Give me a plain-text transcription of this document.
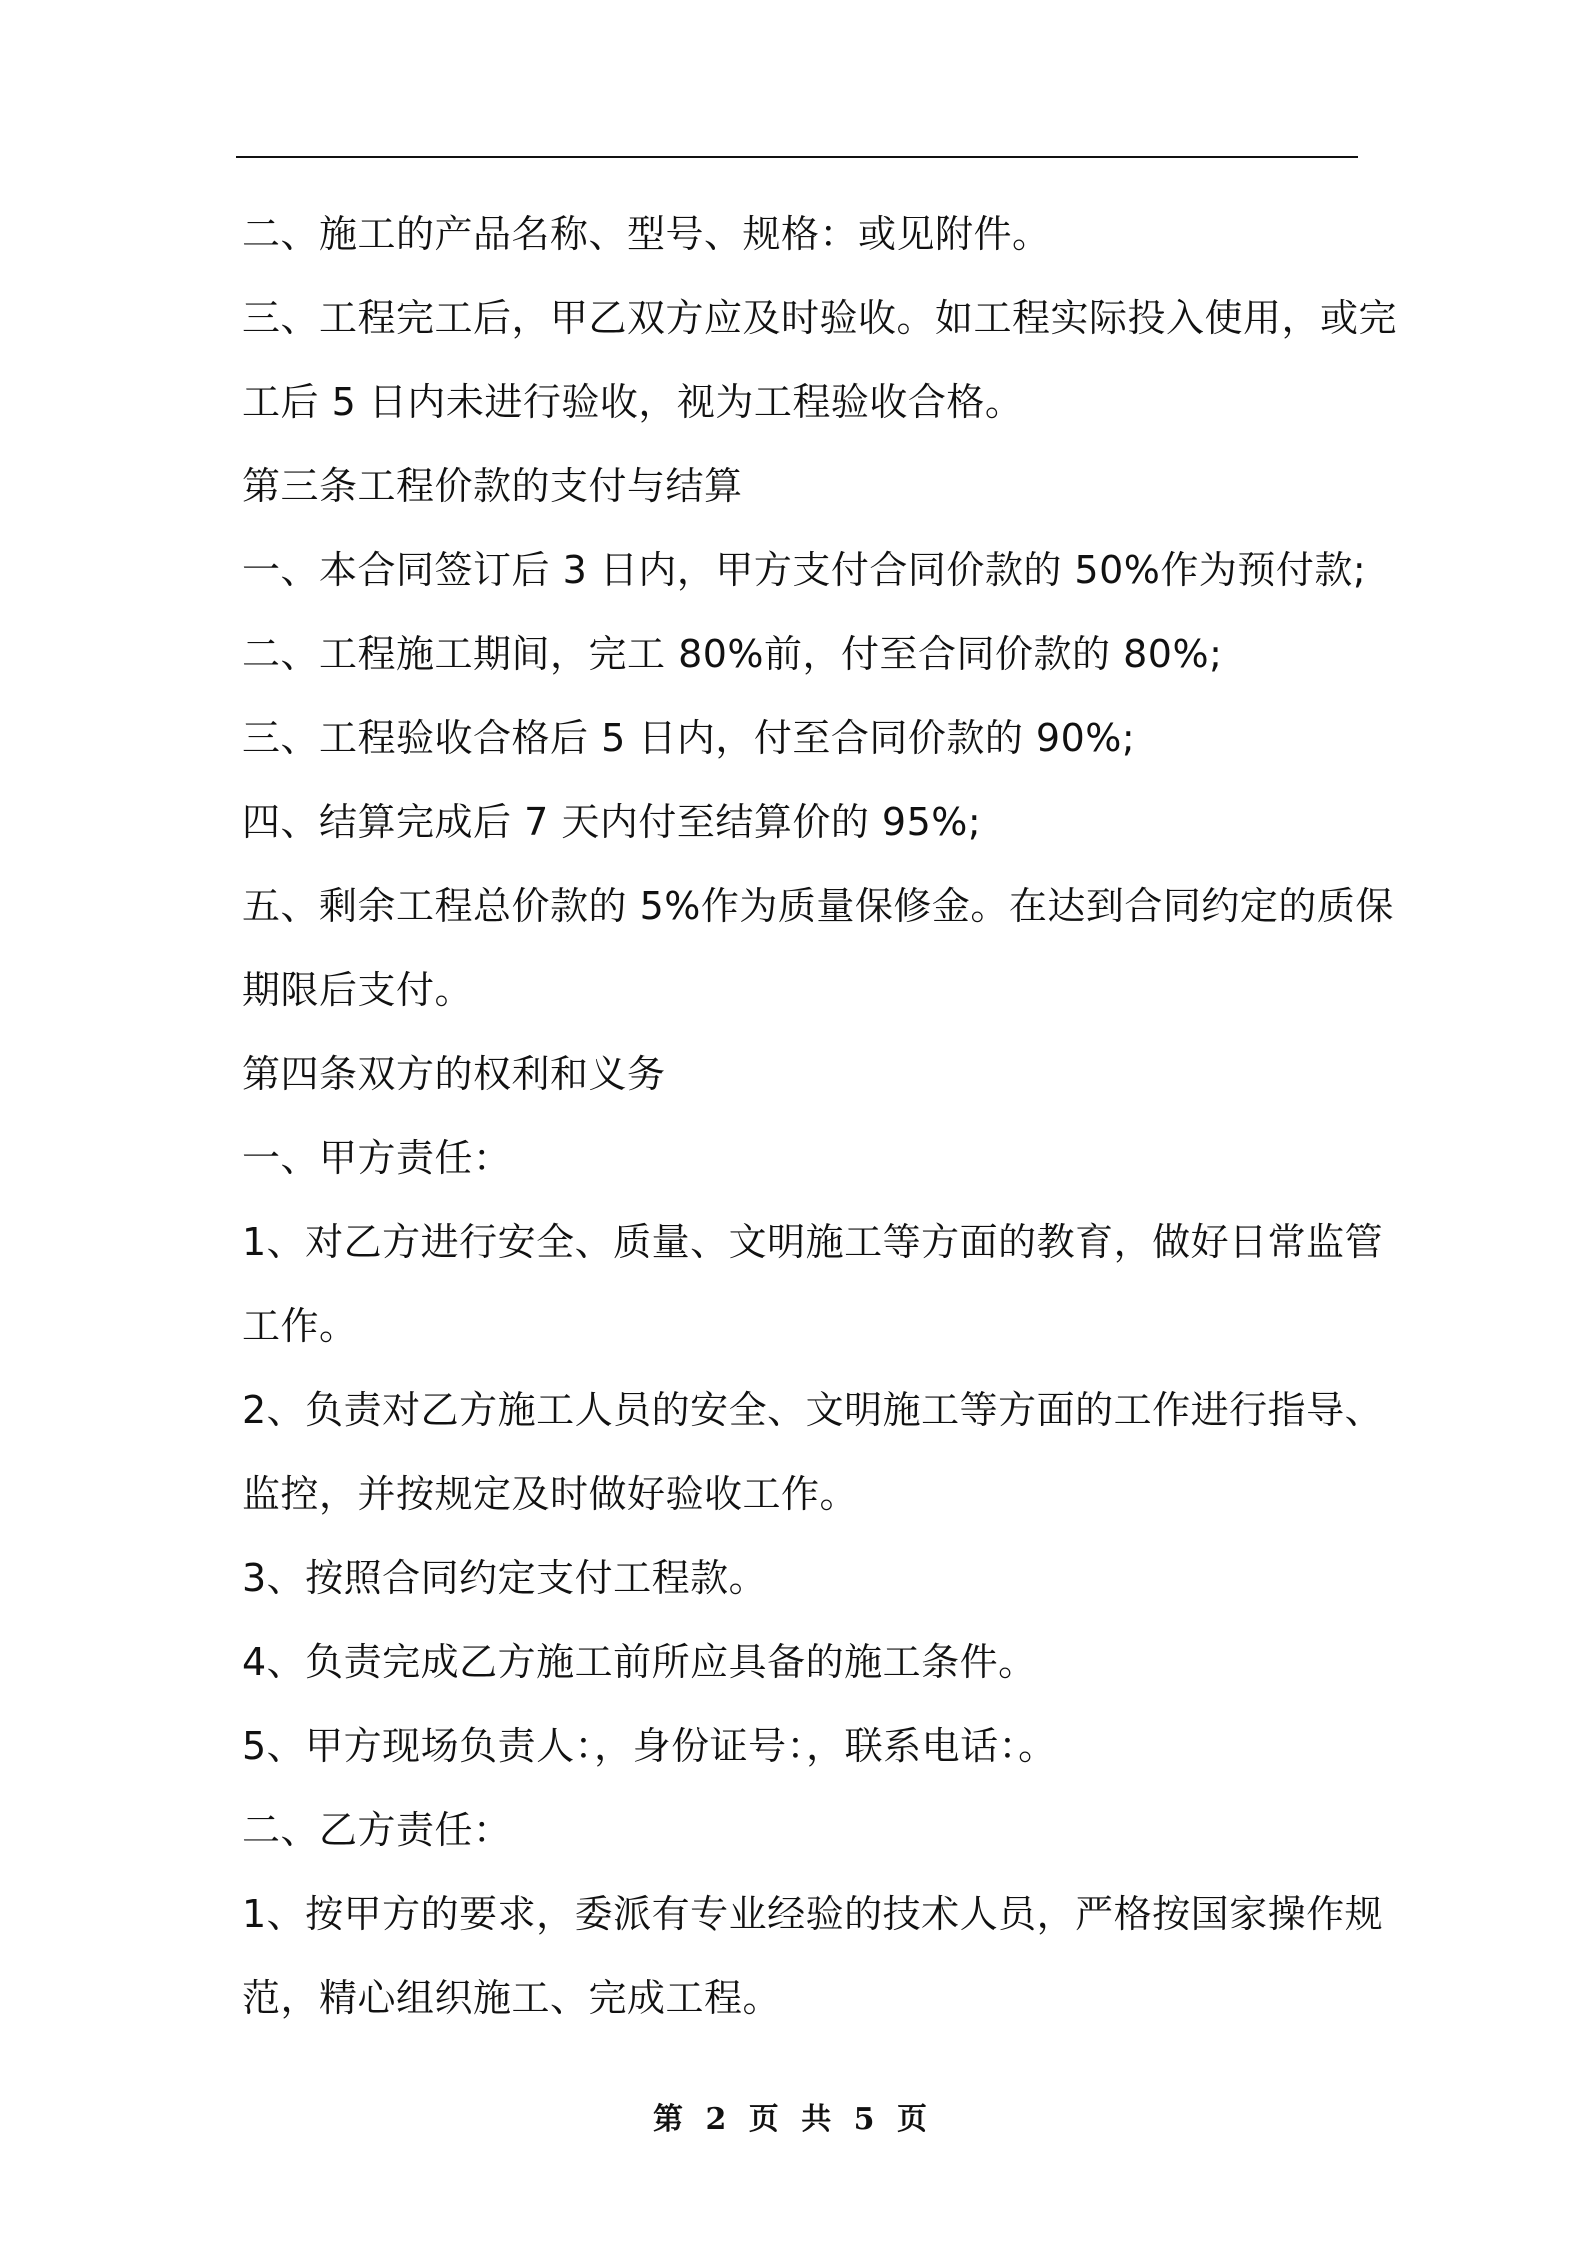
二、施工的产品名称、型号、规格：或见附件。
三、工程完工后，甲乙双方应及时验收。如工程实际投入使用，或完
工后 5 日内未进行验收，视为工程验收合格。
第三条工程价款的支付与结算
一、本合同签订后 3 日内，甲方支付合同价款的 50%作为预付款;
二、工程施工期间，完工 80%前，付至合同价款的 80%;
三、工程验收合格后 5 日内，付至合同价款的 90%;
四、结算完成后 7 天内付至结算价的 95%;
五、剩余工程总价款的 5%作为质量保修金。在达到合同约定的质保
期限后支付。
第四条双方的权利和义务
一、甲方责任：
1、对乙方进行安全、质量、文明施工等方面的教育，做好日常监管
工作。
2、负责对乙方施工人员的安全、文明施工等方面的工作进行指导、
监控，并按规定及时做好验收工作。
3、按照合同约定支付工程款。
4、负责完成乙方施工前所应具备的施工条件。
5、甲方现场负责人：，身份证号：，联系电话：。
二、乙方责任：
1、按甲方的要求，委派有专业经验的技术人员，严格按国家操作规
范，精心组织施工、完成工程。
第 2 页 共 5 页
